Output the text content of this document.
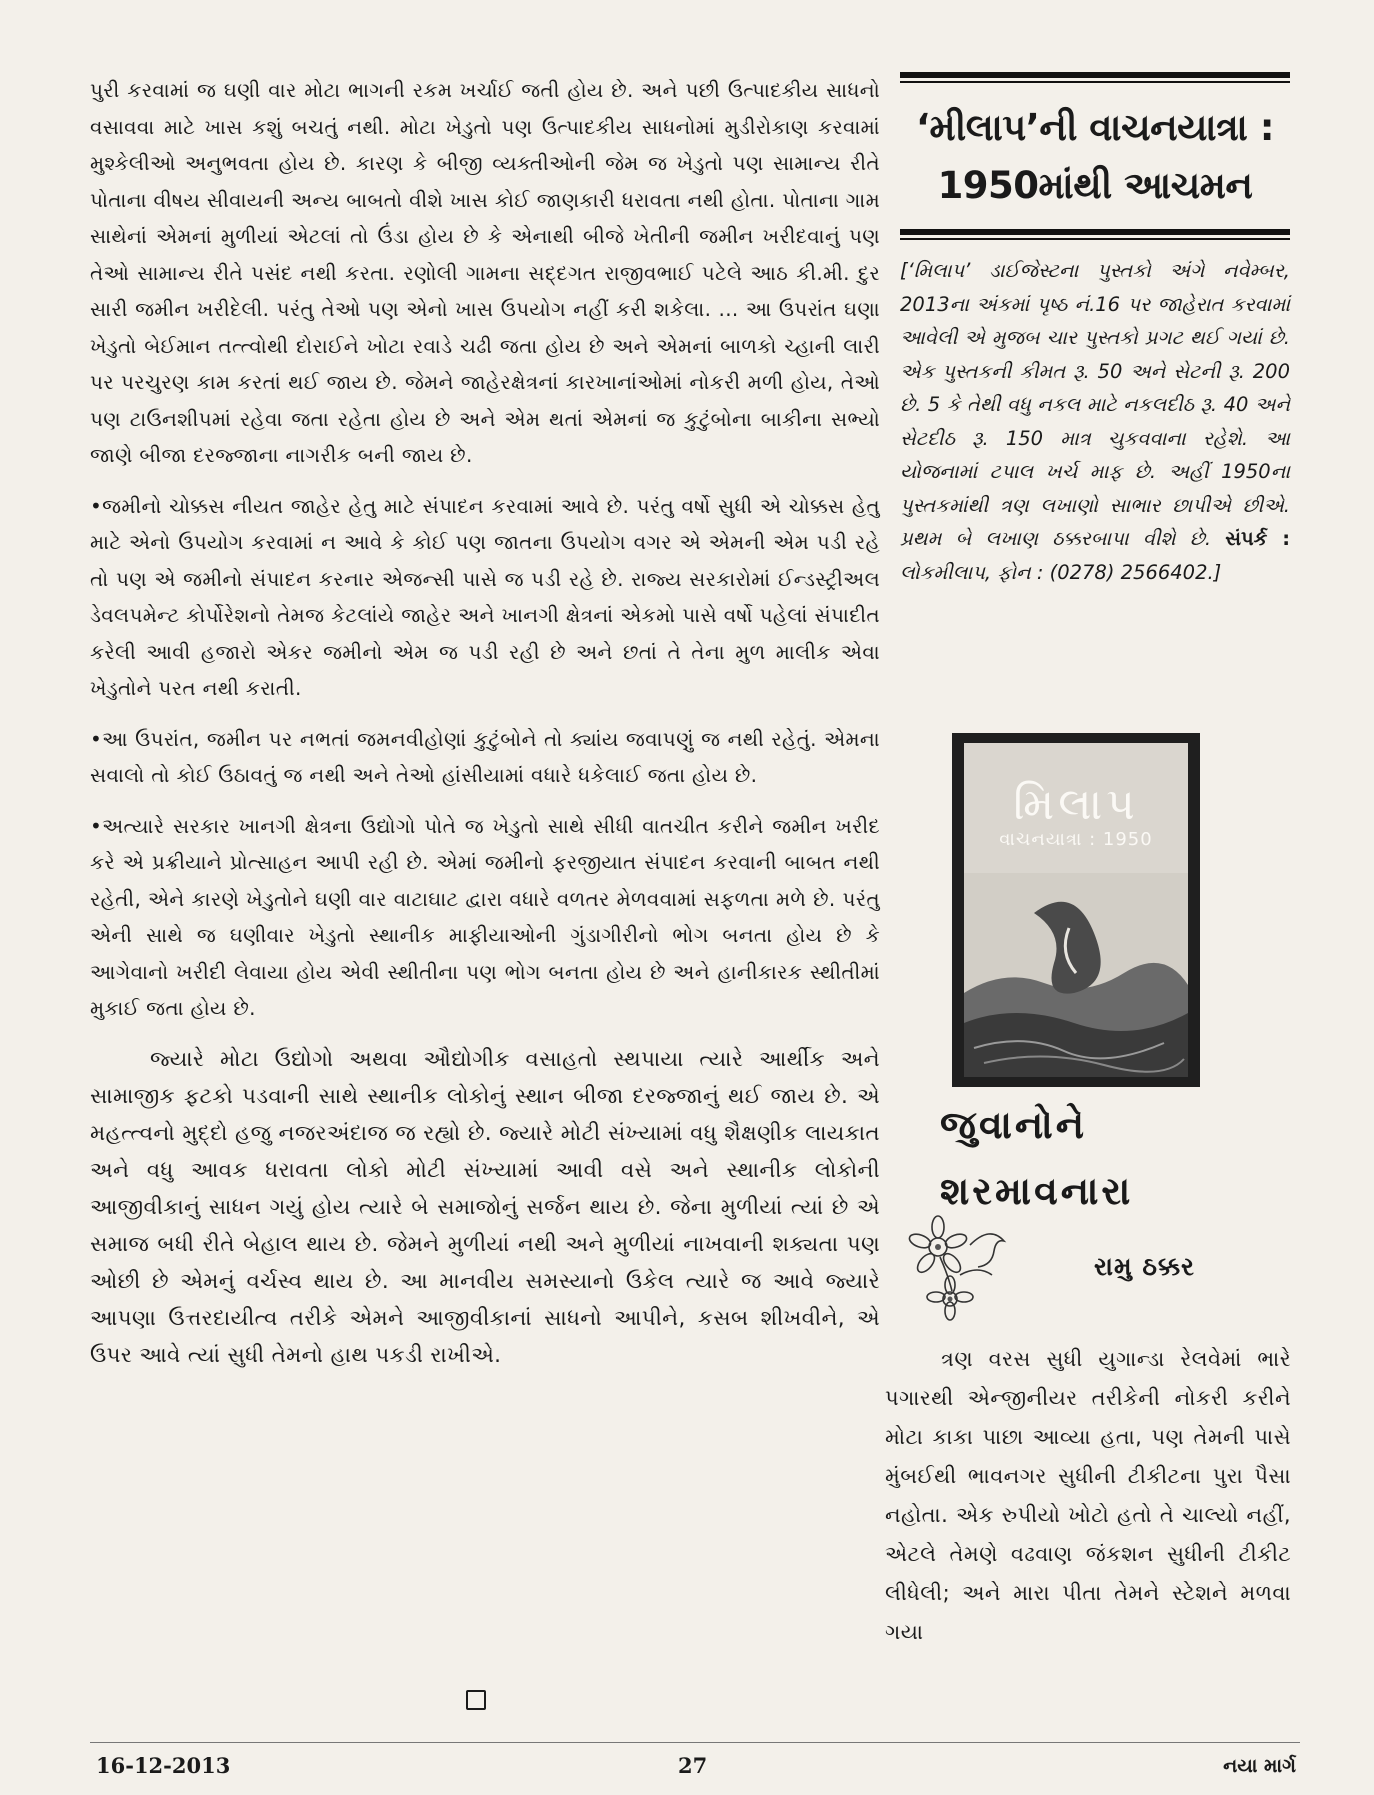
પુરી કરવામાં જ ઘણી વાર મોટા ભાગની રકમ ખર્ચાઈ જતી હોય છે. અને પછી ઉત્પાદકીય સાધનો વસાવવા માટે ખાસ કશું બચતું નથી. મોટા ખેડુતો પણ ઉત્પાદકીય સાધનોમાં મુડીરોકાણ કરવામાં મુશ્કેલીઓ અનુભવતા હોય છે. કારણ કે બીજી વ્યક્તીઓની જેમ જ ખેડુતો પણ સામાન્ય રીતે પોતાના વીષય સીવાયની અન્ય બાબતો વીશે ખાસ કોઈ જાણકારી ધરાવતા નથી હોતા. પોતાના ગામ સાથેનાં એમનાં મુળીયાં એટલાં તો ઉંડા હોય છે કે એનાથી બીજે ખેતીની જમીન ખરીદવાનું પણ તેઓ સામાન્ય રીતે પસંદ નથી કરતા. રણોલી ગામના સદ્દગત રાજીવભાઈ પટેલે આઠ કી.મી. દુર સારી જમીન ખરીદેલી. પરંતુ તેઓ પણ એનો ખાસ ઉપયોગ નહીં કરી શકેલા. ... આ ઉપરાંત ઘણા ખેડુતો બેઈમાન તત્ત્વોથી દોરાઈને ખોટા રવાડે ચઢી જતા હોય છે અને એમનાં બાળકો ચ્હાની લારી પર પરચુરણ કામ કરતાં થઈ જાય છે. જેમને જાહેરક્ષેત્રનાં કારખાનાંઓમાં નોકરી મળી હોય, તેઓ પણ ટાઉનશીપમાં રહેવા જતા રહેતા હોય છે અને એમ થતાં એમનાં જ કુટુંબોના બાકીના સભ્યો જાણે બીજા દરજ્જાના નાગરીક બની જાય છે.

• જમીનો ચોક્કસ નીયત જાહેર હેતુ માટે સંપાદન કરવામાં આવે છે. પરંતુ વર્ષો સુધી એ ચોક્કસ હેતુ માટે એનો ઉપયોગ કરવામાં ન આવે કે કોઈ પણ જાતના ઉપયોગ વગર એ એમની એમ પડી રહે તો પણ એ જમીનો સંપાદન કરનાર એજન્સી પાસે જ પડી રહે છે. રાજ્ય સરકારોમાં ઈન્ડસ્ટ્રીઅલ ડેવલપમેન્ટ કોર્પોરેશનો તેમજ કેટલાંયે જાહેર અને ખાનગી ક્ષેત્રનાં એકમો પાસે વર્ષો પહેલાં સંપાદીત કરેલી આવી હજારો એકર જમીનો એમ જ પડી રહી છે અને છતાં તે તેના મુળ માલીક એવા ખેડુતોને પરત નથી કરાતી.

• આ ઉપરાંત, જમીન પર નભતાં જમનવીહોણાં કુટુંબોને તો ક્યાંય જવાપણું જ નથી રહેતું. એમના સવાલો તો કોઈ ઉઠાવતું જ નથી અને તેઓ હાંસીયામાં વધારે ધકેલાઈ જતા હોય છે.

• અત્યારે સરકાર ખાનગી ક્ષેત્રના ઉદ્યોગો પોતે જ ખેડુતો સાથે સીધી વાતચીત કરીને જમીન ખરીદ કરે એ પ્રક્રીયાને પ્રોત્સાહન આપી રહી છે. એમાં જમીનો ફરજીયાત સંપાદન કરવાની બાબત નથી રહેતી, એને કારણે ખેડુતોને ઘણી વાર વાટાઘાટ દ્વારા વધારે વળતર મેળવવામાં સફળતા મળે છે. પરંતુ એની સાથે જ ઘણીવાર ખેડુતો સ્થાનીક માફીયાઓની ગુંડાગીરીનો ભોગ બનતા હોય છે કે આગેવાનો ખરીદી લેવાયા હોય એવી સ્થીતીના પણ ભોગ બનતા હોય છે અને હાનીકારક સ્થીતીમાં મુકાઈ જતા હોય છે.

જ્યારે મોટા ઉદ્યોગો અથવા ઔદ્યોગીક વસાહતો સ્થપાયા ત્યારે આર્થીક અને સામાજીક ફટકો પડવાની સાથે સ્થાનીક લોકોનું સ્થાન બીજા દરજ્જાનું થઈ જાય છે. એ મહત્ત્વનો મુદ્દો હજુ નજરઅંદાજ જ રહ્યો છે. જ્યારે મોટી સંખ્યામાં વધુ શૈક્ષણીક લાયકાત અને વધુ આવક ધરાવતા લોકો મોટી સંખ્યામાં આવી વસે અને સ્થાનીક લોકોની આજીવીકાનું સાધન ગયું હોય ત્યારે બે સમાજોનું સર્જન થાય છે. જેના મુળીયાં ત્યાં છે એ સમાજ બધી રીતે બેહાલ થાય છે. જેમને મુળીયાં નથી અને મુળીયાં નાખવાની શક્યતા પણ ઓછી છે એમનું વર્ચસ્વ થાય છે. આ માનવીય સમસ્યાનો ઉકેલ ત્યારે જ આવે જ્યારે આપણા ઉત્તરદાયીત્વ તરીકે એમને આજીવીકાનાં સાધનો આપીને, કસબ શીખવીને, એ ઉપર આવે ત્યાં સુધી તેમનો હાથ પકડી રાખીએ.

‘મીલાપ’ની વાચનયાત્રા :
1950માંથી આચમન
[‘મિલાપ’ ડાઈજેસ્ટના પુસ્તકો અંગે નવેમ્બર, 2013ના અંકમાં પૃષ્ઠ નં.16 પર જાહેરાત કરવામાં આવેલી એ મુજબ ચાર પુસ્તકો પ્રગટ થઈ ગયાં છે. એક પુસ્તકની કીમત રૂ. 50 અને સેટની રૂ. 200 છે. 5 કે તેથી વધુ નકલ માટે નકલદીઠ રૂ. 40 અને સેટદીઠ રૂ. 150 માત્ર ચુકવવાના રહેશે. આ યોજનામાં ટપાલ ખર્ચ માફ છે. અહીં 1950ના પુસ્તકમાંથી ત્રણ લખાણો સાભાર છાપીએ છીએ. પ્રથમ બે લખાણ ઠક્કરબાપા વીશે છે. સંપર્ક : લોકમીલાપ, ફોન : (0278) 2566402.]
મિલાપ
વાચનયાત્રા : 1950
જુવાનોને
શરમાવનારા
રામુ ઠક્કર

ત્રણ વરસ સુધી યુગાન્ડા રેલવેમાં ભારે પગારથી એન્જીનીયર તરીકેની નોકરી કરીને મોટા કાકા પાછા આવ્યા હતા, પણ તેમની પાસે મુંબઈથી ભાવનગર સુધીની ટીકીટના પુરા પૈસા નહોતા. એક રુપીયો ખોટો હતો તે ચાલ્યો નહીં, એટલે તેમણે વઢવાણ જંકશન સુધીની ટીકીટ લીધેલી; અને મારા પીતા તેમને સ્ટેશને મળવા ગયા

16-12-2013	27	નયા માર્ગ
